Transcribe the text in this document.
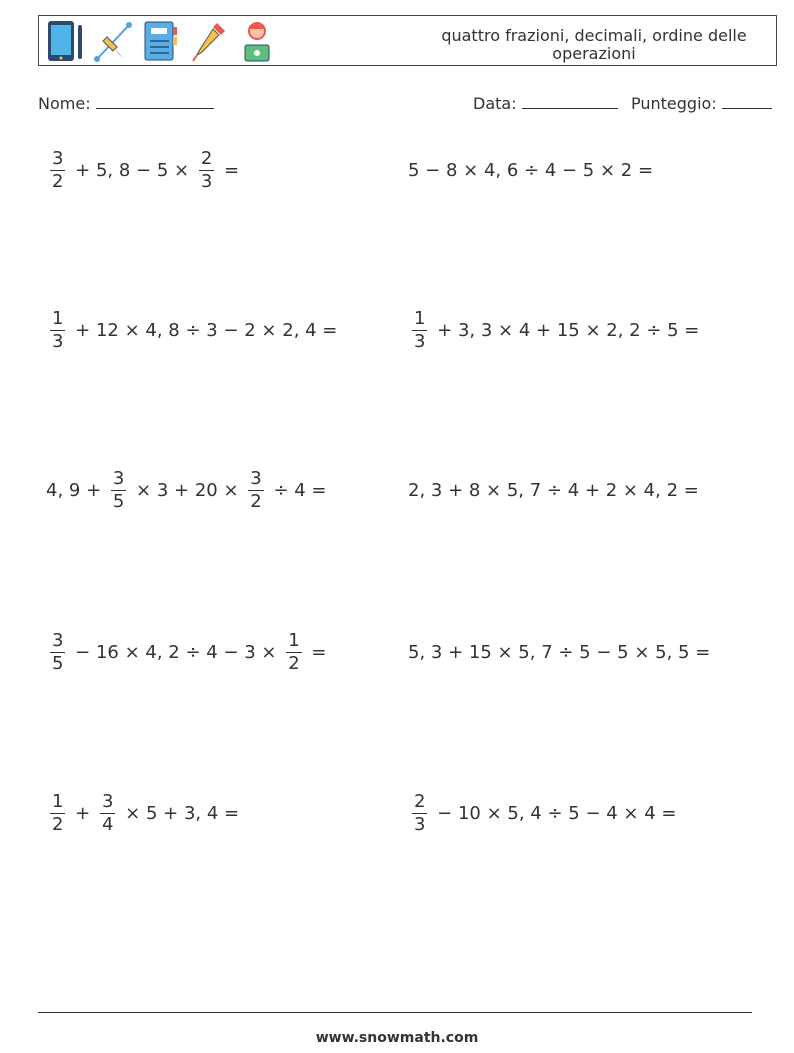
quattro frazioni, decimali, ordine delle operazioni
Nome:	Data:	Punteggio:
$\frac{3}{2} + 5$, $8 - 5 \times \frac{2}{3}$ =	5 − 8 × 4, 6 ÷ 4 − 5 × 2 =
$\frac{1}{3} + 12 \times 4$, 8 ÷ 3 − 2 × 2, 4 =	$\frac{1}{3} + 3$, 3 × 4 + 15 × 2, 2 ÷ 5 =
4, $9 + \frac{3}{5} \times 3 + 20 \times \frac{3}{2} \div 4$ =	2, 3 + 8 × 5, 7 ÷ 4 + 2 × 4, 2 =
$\frac{3}{5} - 16 \times 4$, $2 \div 4 - 3 \times \frac{1}{2}$ =	5, 3 + 15 × 5, 7 ÷ 5 − 5 × 5, 5 =
$\frac{1}{2} + \frac{3}{4} \times 5 + 3$, 4 =	$\frac{2}{3} - 10 \times 5$, 4 ÷ 5 − 4 × 4 =
www.snowmath.com
